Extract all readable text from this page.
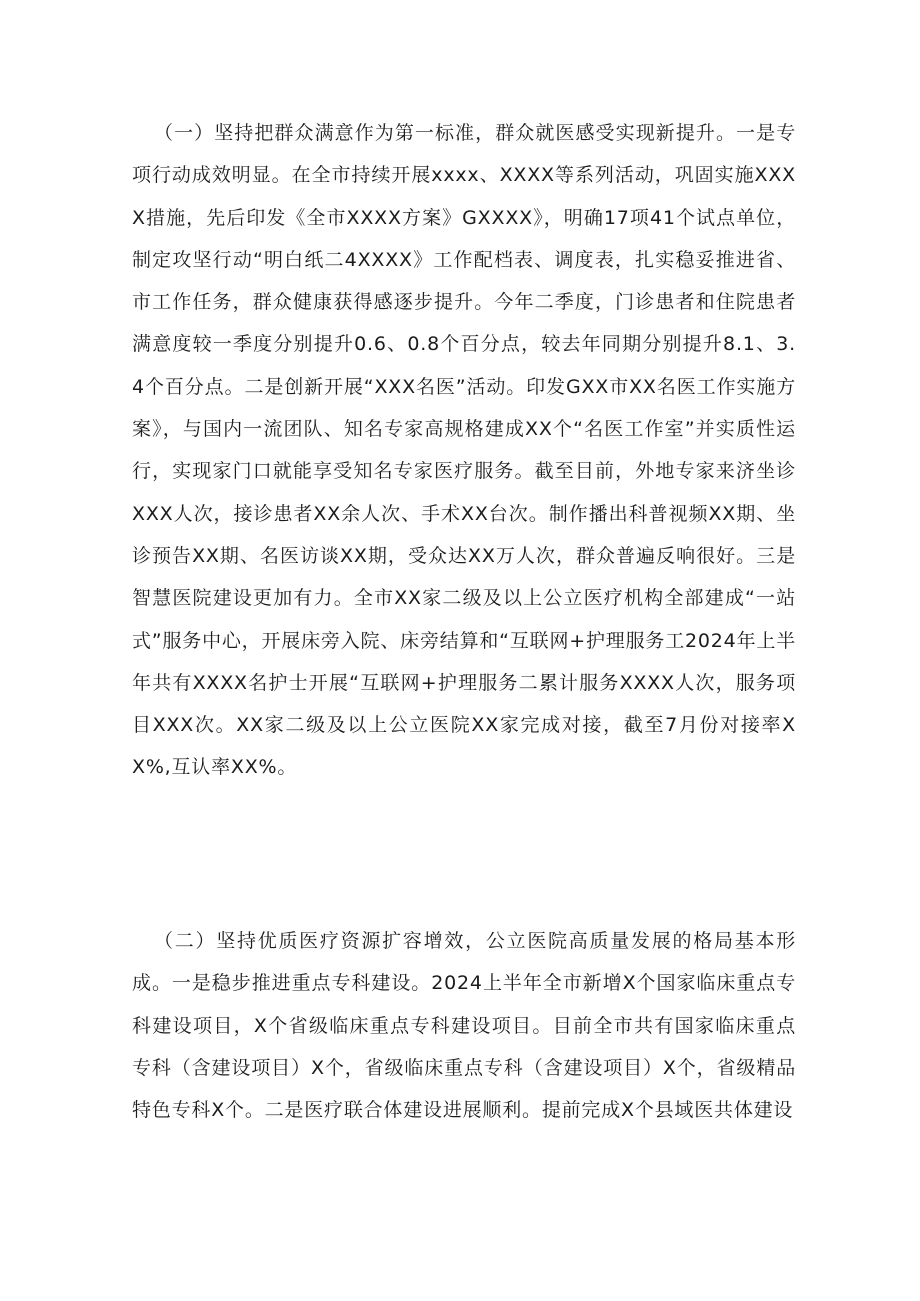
（一）坚持把群众满意作为第一标准，群众就医感受实现新提升。一是专项行动成效明显。在全市持续开展xxxx、XXXX等系列活动，巩固实施XXXX措施，先后印发《全市XXXX方案》GXXXX》，明确17项41个试点单位，制定攻坚行动“明白纸二4XXXX》工作配档表、调度表，扎实稳妥推进省、市工作任务，群众健康获得感逐步提升。今年二季度，门诊患者和住院患者满意度较一季度分别提升0.6、0.8个百分点，较去年同期分别提升8.1、3.4个百分点。二是创新开展“XXX名医”活动。印发GXX市XX名医工作实施方案》，与国内一流团队、知名专家高规格建成XX个“名医工作室”并实质性运行，实现家门口就能享受知名专家医疗服务。截至目前，外地专家来济坐诊XXX人次，接诊患者XX余人次、手术XX台次。制作播出科普视频XX期、坐诊预告XX期、名医访谈XX期，受众达XX万人次，群众普遍反响很好。三是智慧医院建设更加有力。全市XX家二级及以上公立医疗机构全部建成“一站式”服务中心，开展床旁入院、床旁结算和“互联网+护理服务工2024年上半年共有XXXX名护士开展“互联网+护理服务二累计服务XXXX人次，服务项目XXX次。XX家二级及以上公立医院XX家完成对接，截至7月份对接率XX%,互认率XX%。

（二）坚持优质医疗资源扩容增效，公立医院高质量发展的格局基本形成。一是稳步推进重点专科建设。2024上半年全市新增X个国家临床重点专科建设项目，X个省级临床重点专科建设项目。目前全市共有国家临床重点专科（含建设项目）X个，省级临床重点专科（含建设项目）X个，省级精品特色专科X个。二是医疗联合体建设进展顺利。提前完成X个县域医共体建设
